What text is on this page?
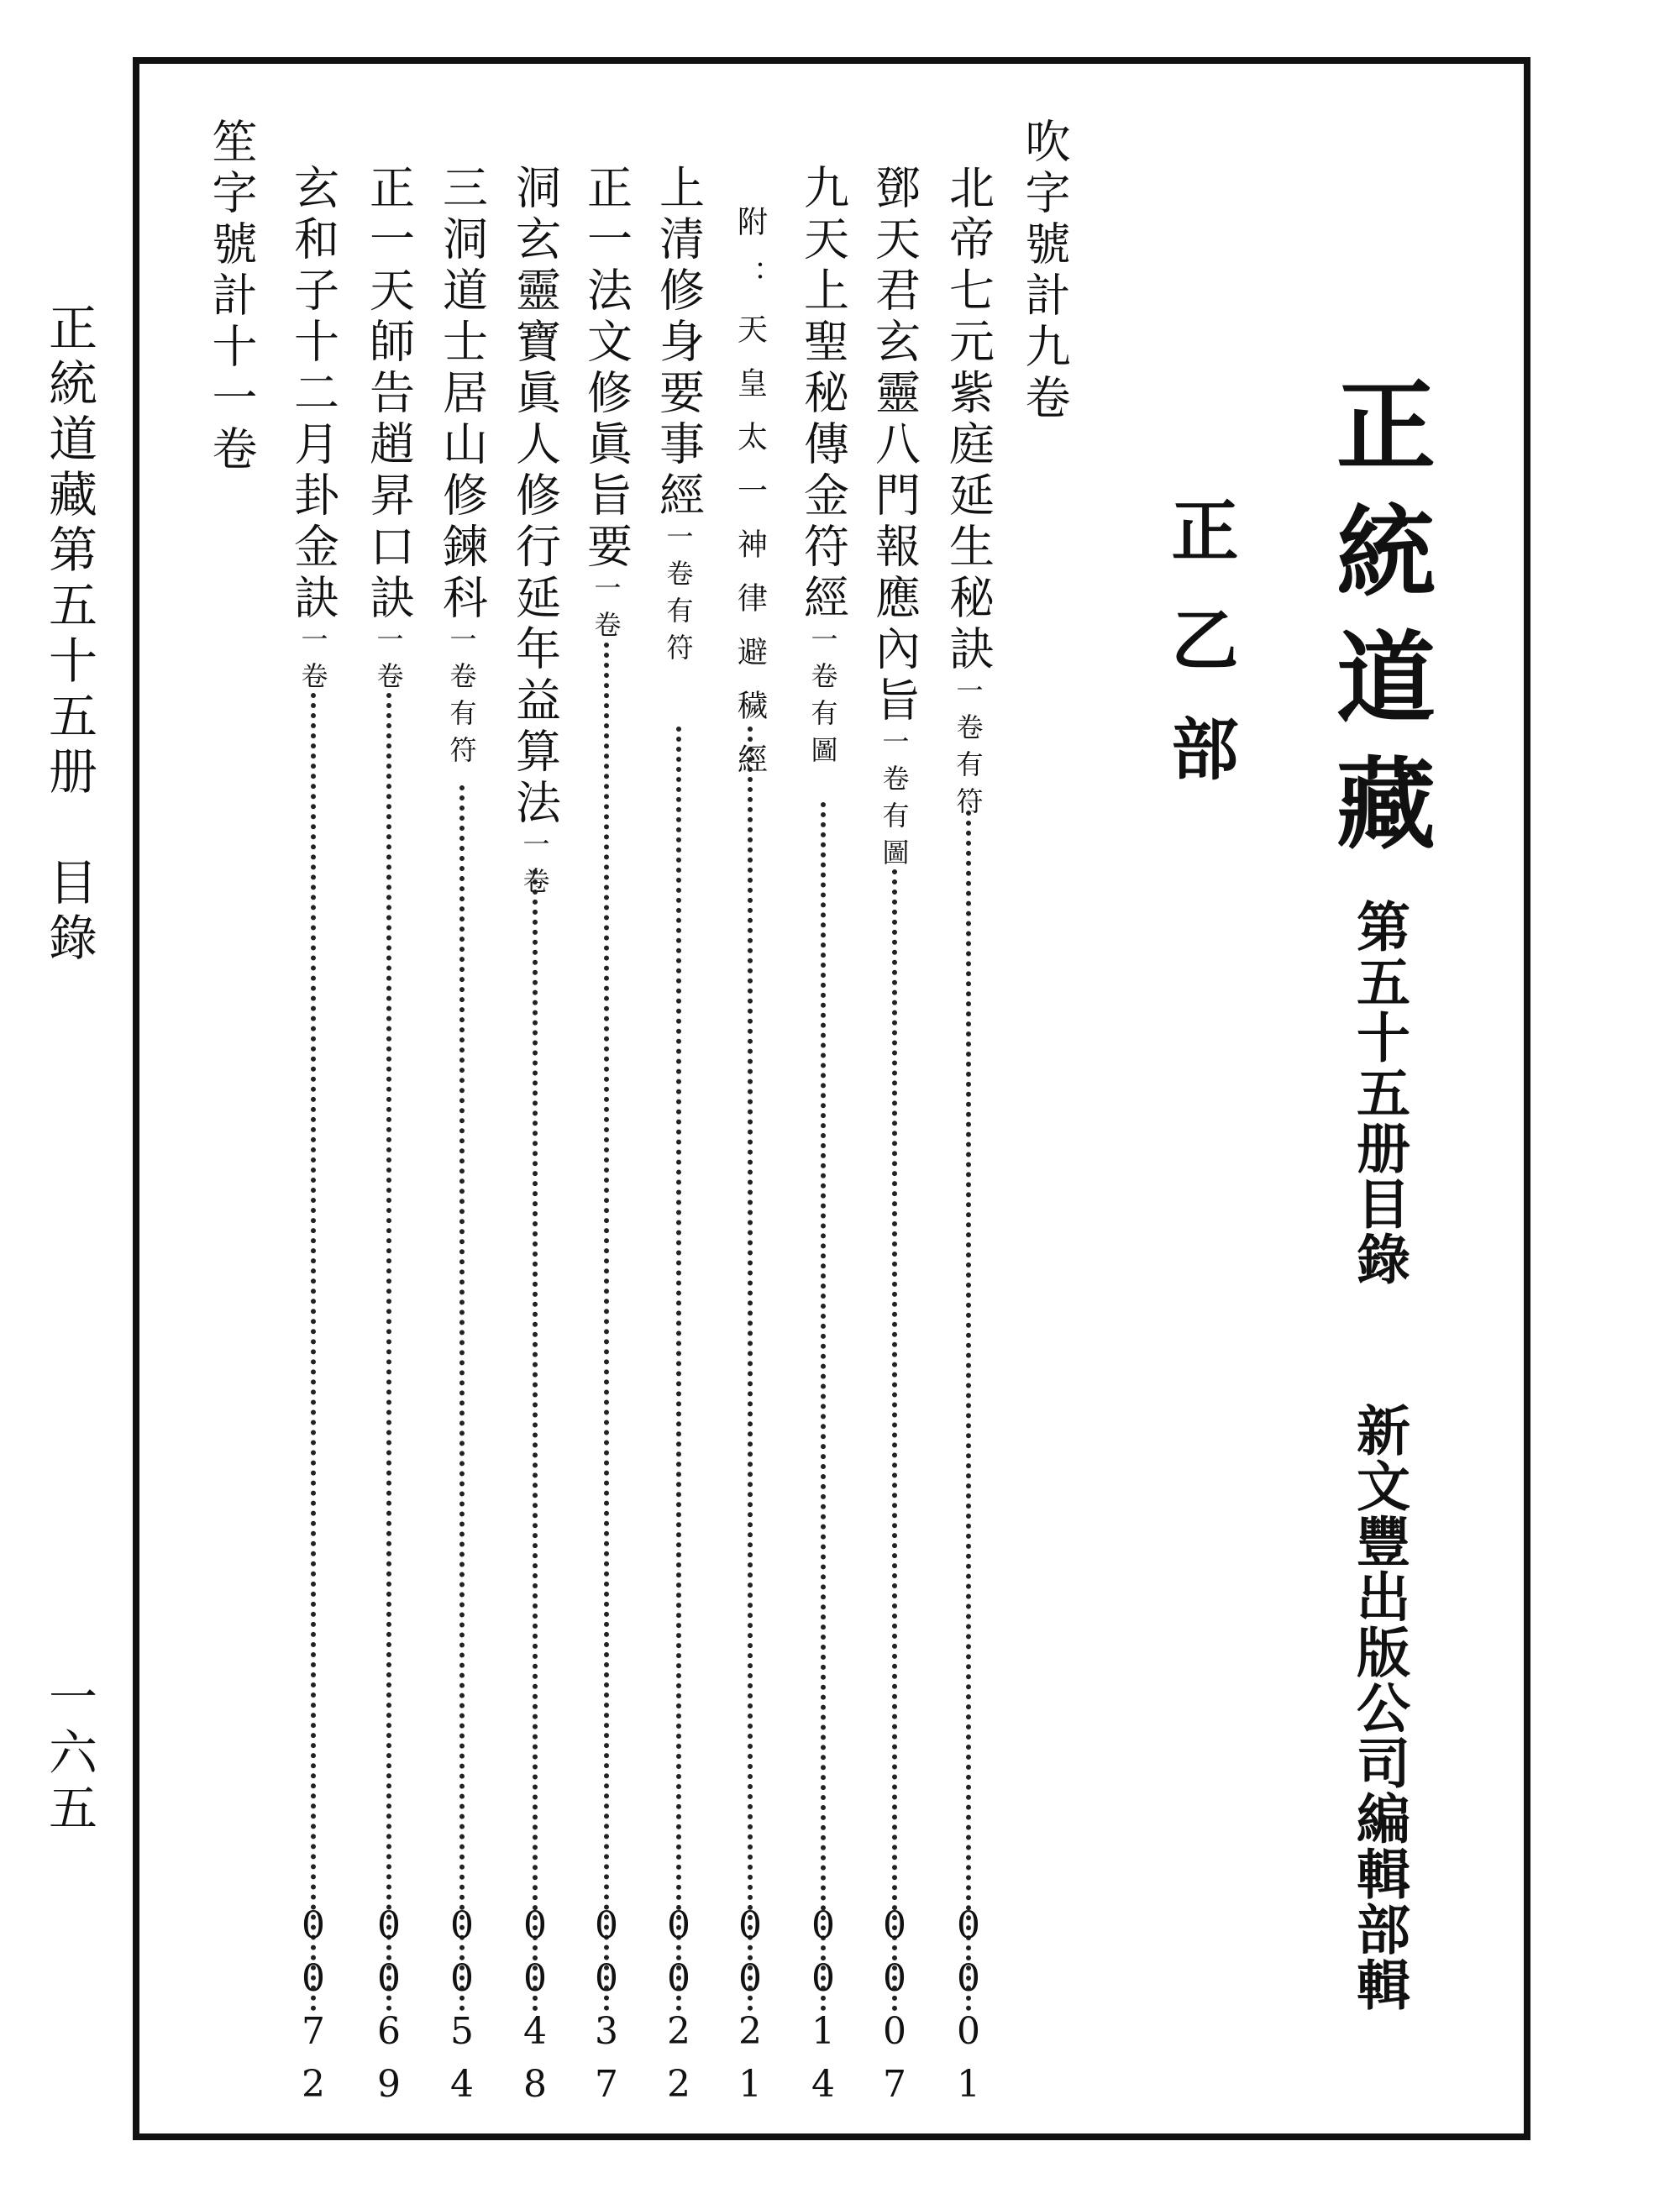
正統道藏第五十五册　目錄
一六五
正統道藏
正乙部
第五十五册目錄
新文豐出版公司編輯部輯
吹字號計九卷
北帝七元紫庭延生秘訣一卷有符
0001
鄧天君玄靈八門報應內旨一卷有圖
0007
九天上聖秘傳金符經一卷有圖
0014
附：天皇太一神律避穢經
0021
上清修身要事經一卷有符
0022
正一法文修眞旨要一卷
0037
洞玄靈寶眞人修行延年益算法一卷
0048
三洞道士居山修鍊科一卷有符
0054
正一天師告趙昇口訣一卷
0069
玄和子十二月卦金訣一卷
0072
笙字號計十一卷
